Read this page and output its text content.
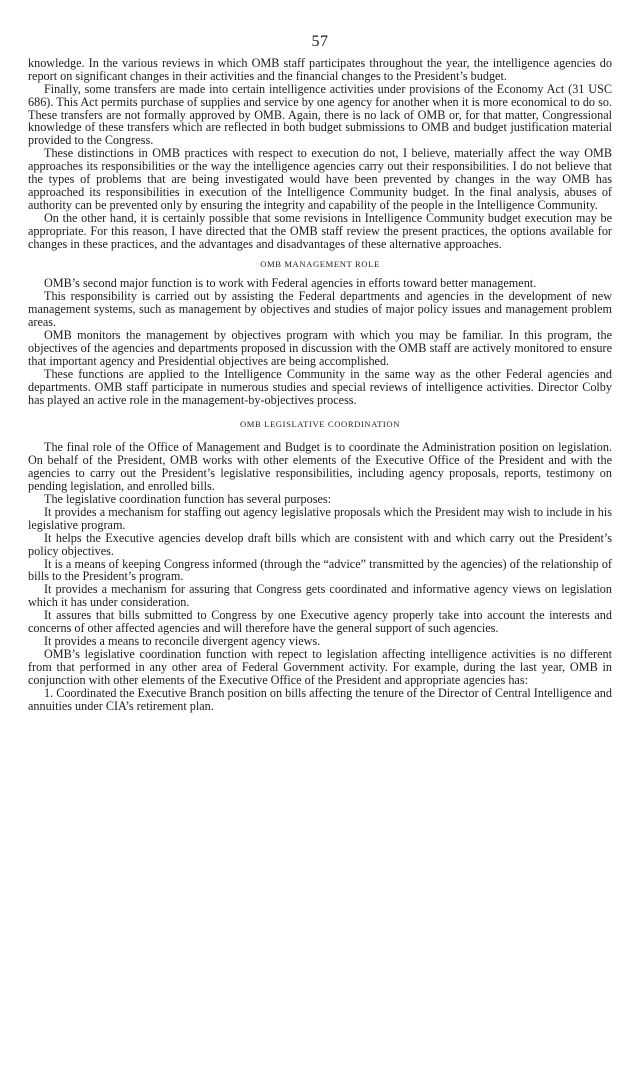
57

knowledge. In the various reviews in which OMB staff participates throughout the year, the intelligence agencies do report on significant changes in their activities and the financial changes to the President’s budget.

Finally, some transfers are made into certain intelligence activities under provisions of the Economy Act (31 USC 686). This Act permits purchase of supplies and service by one agency for another when it is more economical to do so. These transfers are not formally approved by OMB. Again, there is no lack of OMB or, for that matter, Congressional knowledge of these transfers which are reflected in both budget submissions to OMB and budget justification material provided to the Congress.

These distinctions in OMB practices with respect to execution do not, I believe, materially affect the way OMB approaches its responsibilities or the way the intelligence agencies carry out their responsibilities. I do not believe that the types of problems that are being investigated would have been prevented by changes in the way OMB has approached its responsibilities in execution of the Intelligence Community budget. In the final analysis, abuses of authority can be prevented only by ensuring the integrity and capability of the people in the Intelligence Community.

On the other hand, it is certainly possible that some revisions in Intelligence Community budget execution may be appropriate. For this reason, I have directed that the OMB staff review the present practices, the options available for changes in these practices, and the advantages and disadvantages of these alternative approaches.

OMB MANAGEMENT ROLE

OMB’s second major function is to work with Federal agencies in efforts toward better management.

This responsibility is carried out by assisting the Federal departments and agencies in the development of new management systems, such as management by objectives and studies of major policy issues and management problem areas.

OMB monitors the management by objectives program with which you may be familiar. In this program, the objectives of the agencies and departments proposed in discussion with the OMB staff are actively monitored to ensure that important agency and Presidential objectives are being accomplished.

These functions are applied to the Intelligence Community in the same way as the other Federal agencies and departments. OMB staff participate in numerous studies and special reviews of intelligence activities. Director Colby has played an active role in the management-by-objectives process.

OMB LEGISLATIVE COORDINATION

The final role of the Office of Management and Budget is to coordinate the Administration position on legislation. On behalf of the President, OMB works with other elements of the Executive Office of the President and with the agencies to carry out the President’s legislative responsibilities, including agency proposals, reports, testimony on pending legislation, and enrolled bills.

The legislative coordination function has several purposes:

It provides a mechanism for staffing out agency legislative proposals which the President may wish to include in his legislative program.

It helps the Executive agencies develop draft bills which are consistent with and which carry out the President’s policy objectives.

It is a means of keeping Congress informed (through the “advice” transmitted by the agencies) of the relationship of bills to the President’s program.

It provides a mechanism for assuring that Congress gets coordinated and informative agency views on legislation which it has under consideration.

It assures that bills submitted to Congress by one Executive agency properly take into account the interests and concerns of other affected agencies and will therefore have the general support of such agencies.

It provides a means to reconcile divergent agency views.

OMB’s legislative coordination function with repect to legislation affecting intelligence activities is no different from that performed in any other area of Federal Government activity. For example, during the last year, OMB in conjunction with other elements of the Executive Office of the President and appropriate agencies has:

1. Coordinated the Executive Branch position on bills affecting the tenure of the Director of Central Intelligence and annuities under CIA’s retirement plan.
